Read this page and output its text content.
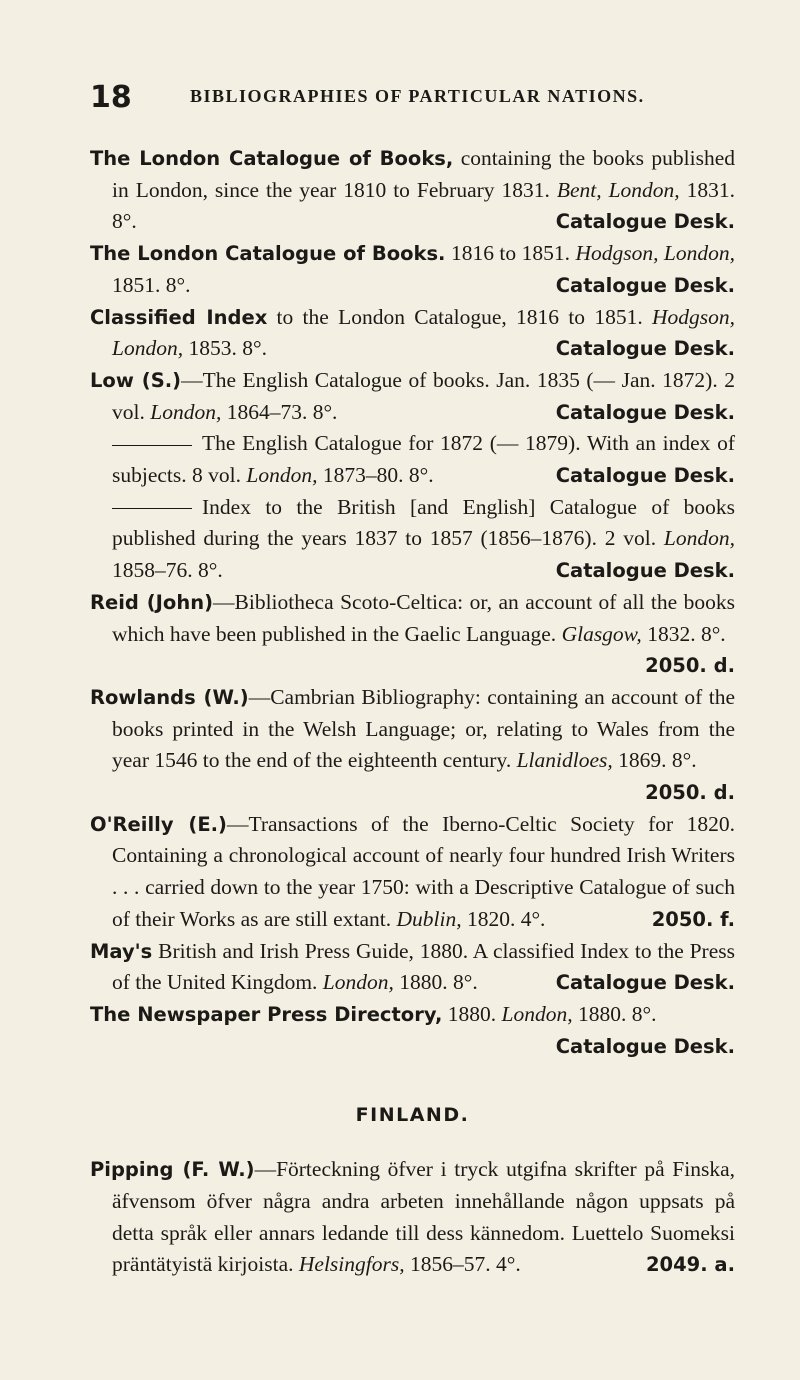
18	BIBLIOGRAPHIES OF PARTICULAR NATIONS.

The London Catalogue of Books, containing the books published in London, since the year 1810 to February 1831. Bent, London, 1831. 8°.	Catalogue Desk.

The London Catalogue of Books. 1816 to 1851. Hodgson, London, 1851. 8°.	Catalogue Desk.

Classified Index to the London Catalogue, 1816 to 1851. Hodgson, London, 1853. 8°.	Catalogue Desk.

Low (S.)—The English Catalogue of books. Jan. 1835 (— Jan. 1872). 2 vol. London, 1864–73. 8°.	Catalogue Desk.

The English Catalogue for 1872 (— 1879). With an index of subjects. 8 vol. London, 1873–80. 8°.	Catalogue Desk.

Index to the British [and English] Catalogue of books published during the years 1837 to 1857 (1856–1876). 2 vol. London, 1858–76. 8°.	Catalogue Desk.

Reid (John)—Bibliotheca Scoto-Celtica: or, an account of all the books which have been published in the Gaelic Language. Glasgow, 1832. 8°.
2050. d.

Rowlands (W.)—Cambrian Bibliography: containing an account of the books printed in the Welsh Language; or, relating to Wales from the year 1546 to the end of the eighteenth century. Llanidloes, 1869. 8°.
2050. d.

O'Reilly (E.)—Transactions of the Iberno-Celtic Society for 1820. Containing a chronological account of nearly four hundred Irish Writers . . . carried down to the year 1750: with a Descriptive Catalogue of such of their Works as are still extant. Dublin, 1820. 4°.	2050. f.

May's British and Irish Press Guide, 1880. A classified Index to the Press of the United Kingdom. London, 1880. 8°.	Catalogue Desk.

The Newspaper Press Directory, 1880. London, 1880. 8°.
Catalogue Desk.

FINLAND.

Pipping (F. W.)—Förteckning öfver i tryck utgifna skrifter på Finska, äfvensom öfver några andra arbeten innehållande någon uppsats på detta språk eller annars ledande till dess kännedom. Luettelo Suomeksi präntätyistä kirjoista. Helsingfors, 1856–57. 4°.	2049. a.
